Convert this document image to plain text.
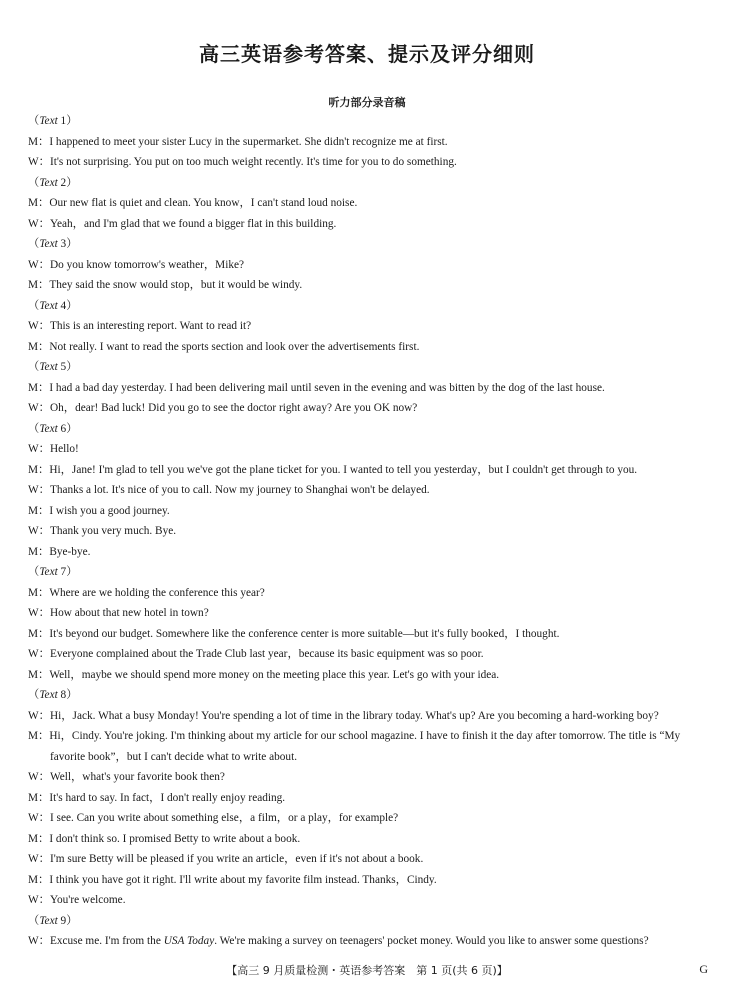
高三英语参考答案、提示及评分细则
听力部分录音稿
（Text 1）
M：I happened to meet your sister Lucy in the supermarket. She didn't recognize me at first.
W：It's not surprising. You put on too much weight recently. It's time for you to do something.
（Text 2）
M：Our new flat is quiet and clean. You know，I can't stand loud noise.
W：Yeah，and I'm glad that we found a bigger flat in this building.
（Text 3）
W：Do you know tomorrow's weather，Mike?
M：They said the snow would stop，but it would be windy.
（Text 4）
W：This is an interesting report. Want to read it?
M：Not really. I want to read the sports section and look over the advertisements first.
（Text 5）
M：I had a bad day yesterday. I had been delivering mail until seven in the evening and was bitten by the dog of the last house.
W：Oh，dear! Bad luck! Did you go to see the doctor right away? Are you OK now?
（Text 6）
W：Hello!
M：Hi，Jane! I'm glad to tell you we've got the plane ticket for you. I wanted to tell you yesterday，but I couldn't get through to you.
W：Thanks a lot. It's nice of you to call. Now my journey to Shanghai won't be delayed.
M：I wish you a good journey.
W：Thank you very much. Bye.
M：Bye-bye.
（Text 7）
M：Where are we holding the conference this year?
W：How about that new hotel in town?
M：It's beyond our budget. Somewhere like the conference center is more suitable—but it's fully booked，I thought.
W：Everyone complained about the Trade Club last year，because its basic equipment was so poor.
M：Well，maybe we should spend more money on the meeting place this year. Let's go with your idea.
（Text 8）
W：Hi，Jack. What a busy Monday! You're spending a lot of time in the library today. What's up? Are you becoming a hard-working boy?
M：Hi，Cindy. You're joking. I'm thinking about my article for our school magazine. I have to finish it the day after tomorrow. The title is “My favorite book”，but I can't decide what to write about.
W：Well，what's your favorite book then?
M：It's hard to say. In fact，I don't really enjoy reading.
W：I see. Can you write about something else，a film，or a play，for example?
M：I don't think so. I promised Betty to write about a book.
W：I'm sure Betty will be pleased if you write an article，even if it's not about a book.
M：I think you have got it right. I'll write about my favorite film instead. Thanks，Cindy.
W：You're welcome.
（Text 9）
W：Excuse me. I'm from the USA Today. We're making a survey on teenagers' pocket money. Would you like to answer some questions?
【高三 9 月质量检测・英语参考答案　第 1 页(共 6 页)】	G
